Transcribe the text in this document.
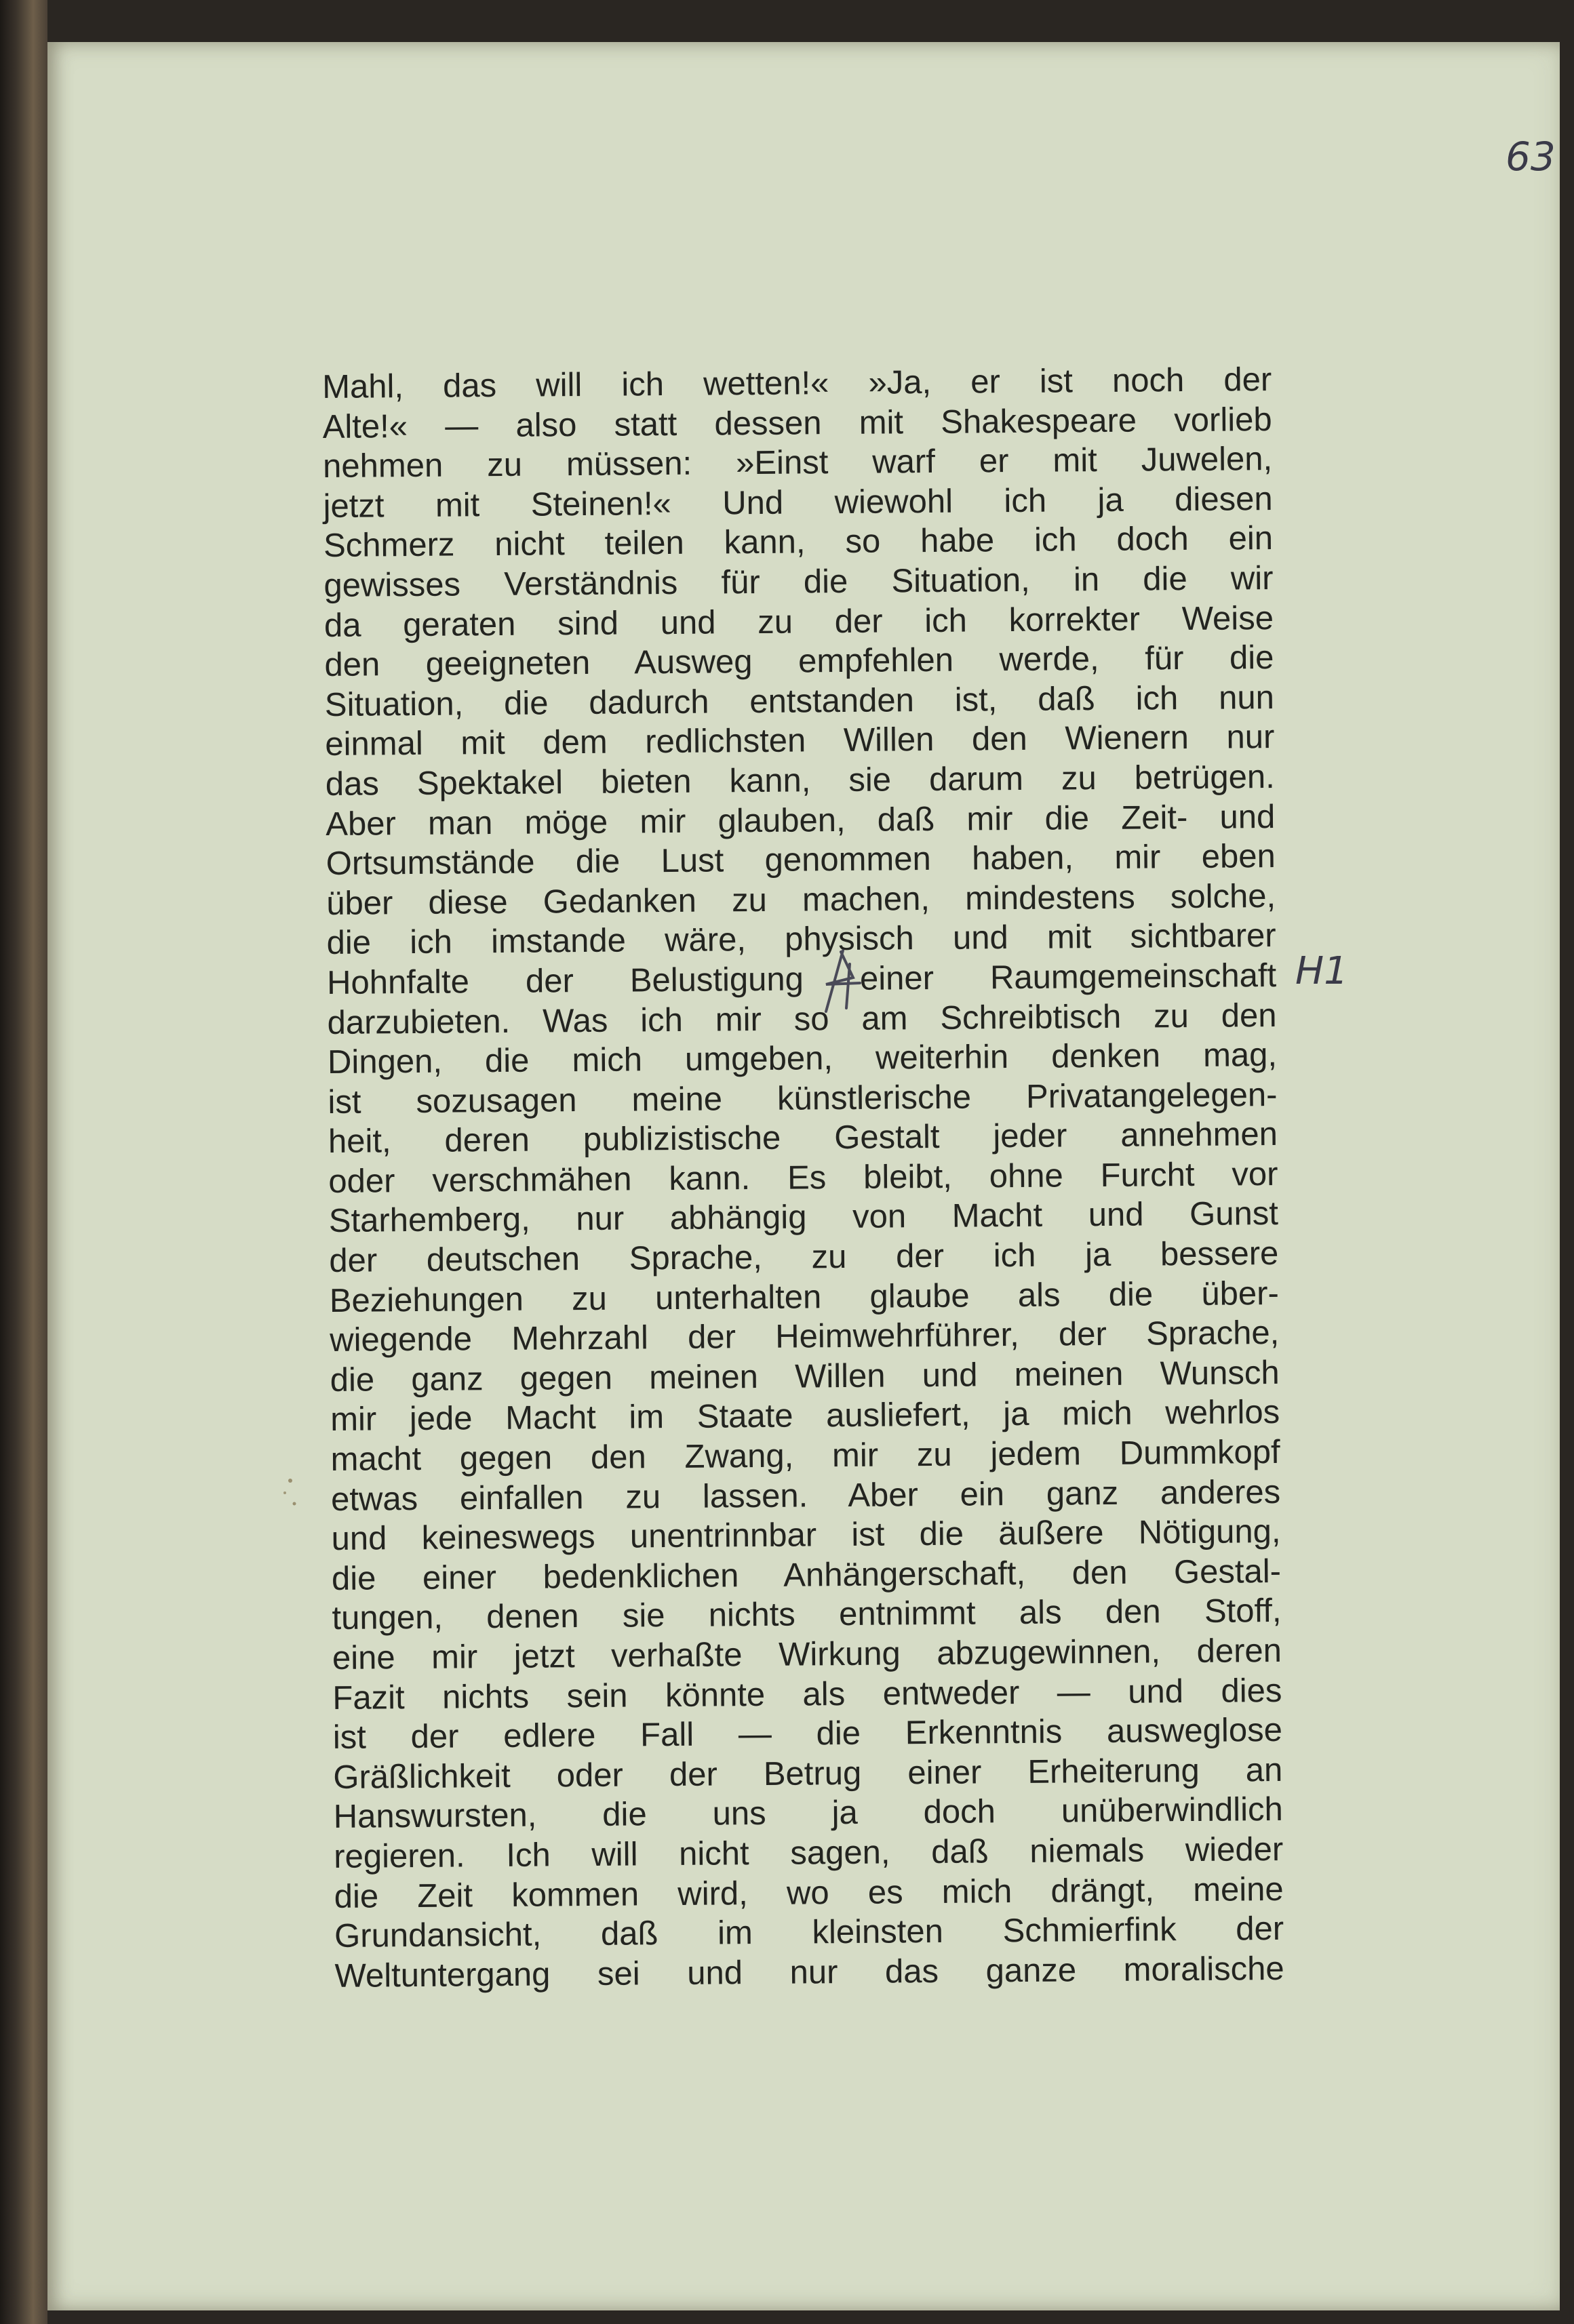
63

Mahl, das will ich wetten!« »Ja, er ist noch der
Alte!« — also statt dessen mit Shakespeare vorlieb
nehmen zu müssen: »Einst warf er mit Juwelen,
jetzt mit Steinen!« Und wiewohl ich ja diesen
Schmerz nicht teilen kann, so habe ich doch ein
gewisses Verständnis für die Situation, in die wir
da geraten sind und zu der ich korrekter Weise
den geeigneten Ausweg empfehlen werde, für die
Situation, die dadurch entstanden ist, daß ich nun
einmal mit dem redlichsten Willen den Wienern nur
das Spektakel bieten kann, sie darum zu betrügen.
Aber man möge mir glauben, daß mir die Zeit- und
Ortsumstände die Lust genommen haben, mir eben
über diese Gedanken zu machen, mindestens solche,
die ich imstande wäre, physisch und mit sichtbarer
Hohnfalte der Belustigung einer Raumgemeinschaft
darzubieten. Was ich mir so am Schreibtisch zu den
Dingen, die mich umgeben, weiterhin denken mag,
ist sozusagen meine künstlerische Privatangelegen-
heit, deren publizistische Gestalt jeder annehmen
oder verschmähen kann. Es bleibt, ohne Furcht vor
Starhemberg, nur abhängig von Macht und Gunst
der deutschen Sprache, zu der ich ja bessere
Beziehungen zu unterhalten glaube als die über-
wiegende Mehrzahl der Heimwehrführer, der Sprache,
die ganz gegen meinen Willen und meinen Wunsch
mir jede Macht im Staate ausliefert, ja mich wehrlos
macht gegen den Zwang, mir zu jedem Dummkopf
etwas einfallen zu lassen. Aber ein ganz anderes
und keineswegs unentrinnbar ist die äußere Nötigung,
die einer bedenklichen Anhängerschaft, den Gestal-
tungen, denen sie nichts entnimmt als den Stoff,
eine mir jetzt verhaßte Wirkung abzugewinnen, deren
Fazit nichts sein könnte als entweder — und dies
ist der edlere Fall — die Erkenntnis ausweglose
Gräßlichkeit oder der Betrug einer Erheiterung an
Hanswursten, die uns ja doch unüberwindlich
regieren. Ich will nicht sagen, daß niemals wieder
die Zeit kommen wird, wo es mich drängt, meine
Grundansicht, daß im kleinsten Schmierfink der
Weltuntergang sei und nur das ganze moralische

H1
